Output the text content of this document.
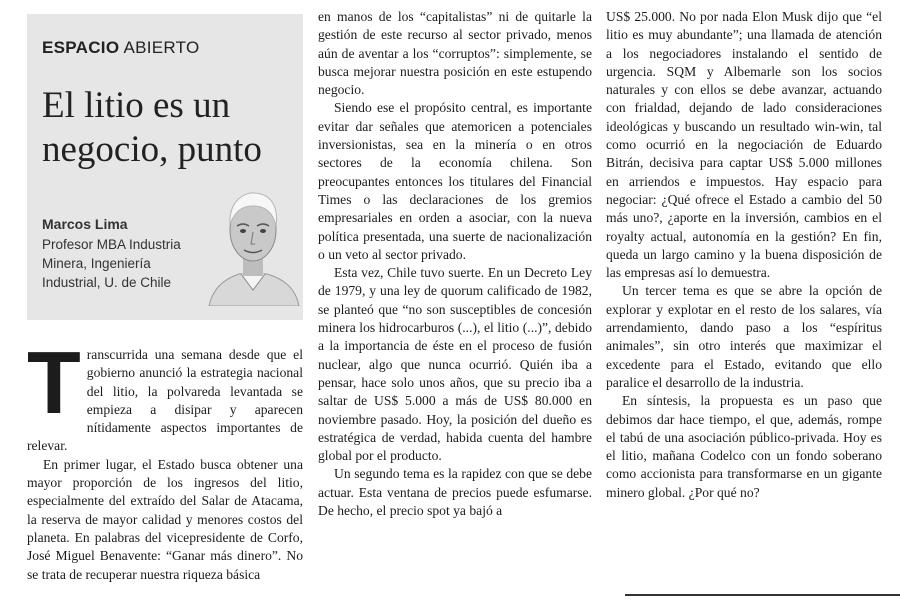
ESPACIO ABIERTO
El litio es un negocio, punto
Marcos Lima
Profesor MBA Industria Minera, Ingeniería Industrial, U. de Chile

Transcurrida una semana desde que el gobierno anunció la estrategia nacional del litio, la polvareda levantada se empieza a disipar y aparecen nítidamente aspectos importantes de relevar.

En primer lugar, el Estado busca obtener una mayor proporción de los ingresos del litio, especialmente del extraído del Salar de Atacama, la reserva de mayor calidad y menores costos del planeta. En palabras del vicepresidente de Corfo, José Miguel Benavente: “Ganar más dinero”. No se trata de recuperar nuestra riqueza básica

en manos de los “capitalistas” ni de quitarle la gestión de este recurso al sector privado, menos aún de aventar a los “corruptos”: simplemente, se busca mejorar nuestra posición en este estupendo negocio.

Siendo ese el propósito central, es importante evitar dar señales que atemoricen a potenciales inversionistas, sea en la minería o en otros sectores de la economía chilena. Son preocupantes entonces los titulares del Financial Times o las declaraciones de los gremios empresariales en orden a asociar, con la nueva política presentada, una suerte de nacionalización o un veto al sector privado.

Esta vez, Chile tuvo suerte. En un Decreto Ley de 1979, y una ley de quorum calificado de 1982, se planteó que “no son susceptibles de concesión minera los hidrocarburos (...), el litio (...)”, debido a la importancia de éste en el proceso de fusión nuclear, algo que nunca ocurrió. Quién iba a pensar, hace solo unos años, que su precio iba a saltar de US$ 5.000 a más de US$ 80.000 en noviembre pasado. Hoy, la posición del dueño es estratégica de verdad, habida cuenta del hambre global por el producto.

Un segundo tema es la rapidez con que se debe actuar. Esta ventana de precios puede esfumarse. De hecho, el precio spot ya bajó a

US$ 25.000. No por nada Elon Musk dijo que “el litio es muy abundante”; una llamada de atención a los negociadores instalando el sentido de urgencia. SQM y Albemarle son los socios naturales y con ellos se debe avanzar, actuando con frialdad, dejando de lado consideraciones ideológicas y buscando un resultado win-win, tal como ocurrió en la negociación de Eduardo Bitrán, decisiva para captar US$ 5.000 millones en arriendos e impuestos. Hay espacio para negociar: ¿Qué ofrece el Estado a cambio del 50 más uno?, ¿aporte en la inversión, cambios en el royalty actual, autonomía en la gestión? En fin, queda un largo camino y la buena disposición de las empresas así lo demuestra.

Un tercer tema es que se abre la opción de explorar y explotar en el resto de los salares, vía arrendamiento, dando paso a los “espíritus animales”, sin otro interés que maximizar el excedente para el Estado, evitando que ello paralice el desarrollo de la industria.

En síntesis, la propuesta es un paso que debimos dar hace tiempo, el que, además, rompe el tabú de una asociación público-privada. Hoy es el litio, mañana Codelco con un fondo soberano como accionista para transformarse en un gigante minero global. ¿Por qué no?
